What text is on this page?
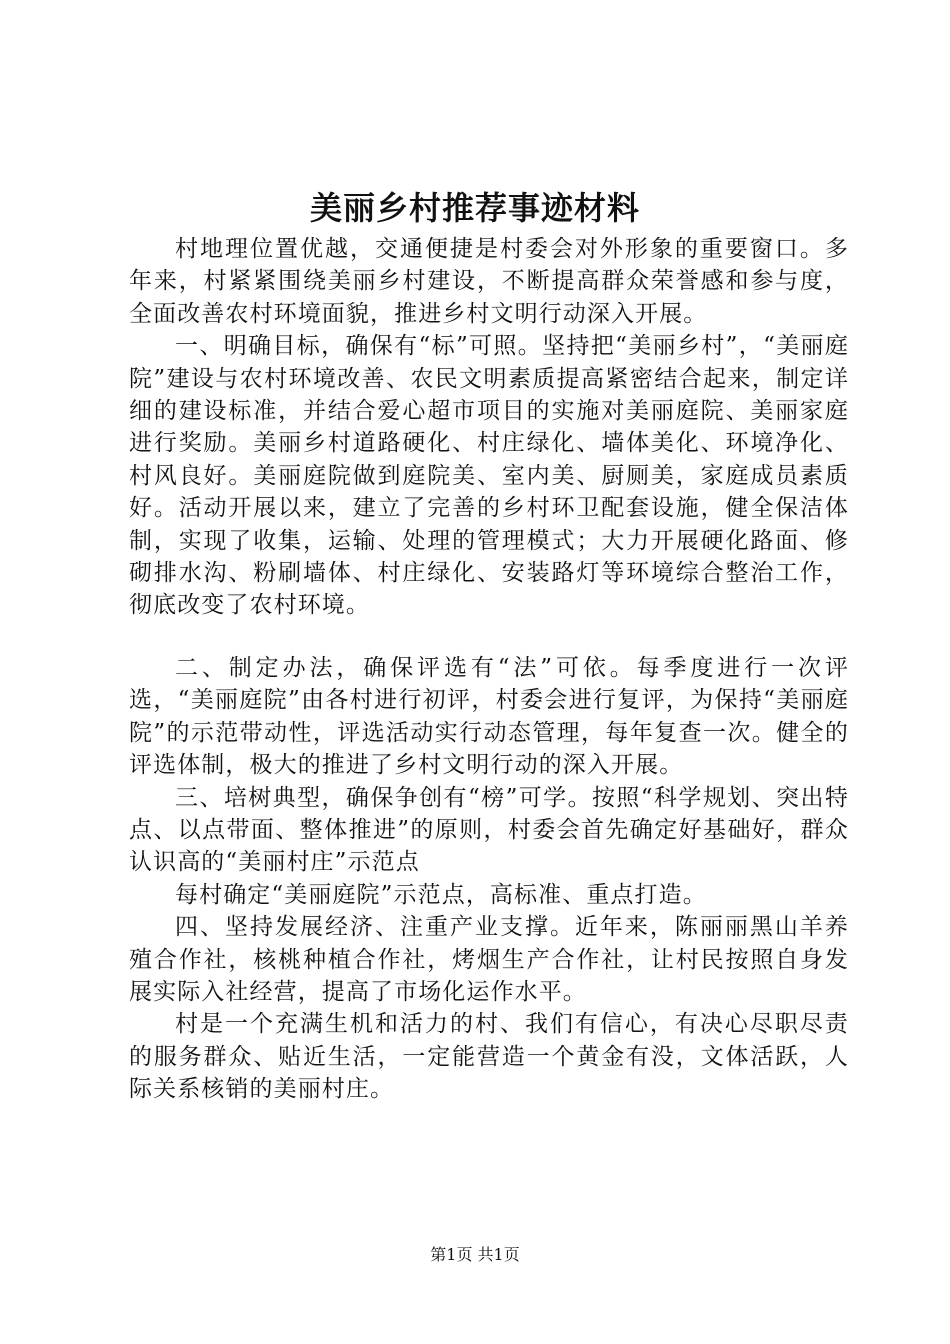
美丽乡村推荐事迹材料

村地理位置优越，交通便捷是村委会对外形象的重要窗口。多年来，村紧紧围绕美丽乡村建设，不断提高群众荣誉感和参与度，全面改善农村环境面貌，推进乡村文明行动深入开展。

一、明确目标，确保有“标”可照。坚持把“美丽乡村”，“美丽庭院”建设与农村环境改善、农民文明素质提高紧密结合起来，制定详细的建设标准，并结合爱心超市项目的实施对美丽庭院、美丽家庭进行奖励。美丽乡村道路硬化、村庄绿化、墙体美化、环境净化、村风良好。美丽庭院做到庭院美、室内美、厨厕美，家庭成员素质好。活动开展以来，建立了完善的乡村环卫配套设施，健全保洁体制，实现了收集，运输、处理的管理模式；大力开展硬化路面、修砌排水沟、粉刷墙体、村庄绿化、安装路灯等环境综合整治工作，彻底改变了农村环境。

二、制定办法，确保评选有“法”可依。每季度进行一次评选，“美丽庭院”由各村进行初评，村委会进行复评，为保持“美丽庭院”的示范带动性，评选活动实行动态管理，每年复查一次。健全的评选体制，极大的推进了乡村文明行动的深入开展。

三、培树典型，确保争创有“榜”可学。按照“科学规划、突出特点、以点带面、整体推进”的原则，村委会首先确定好基础好，群众认识高的“美丽村庄”示范点

每村确定“美丽庭院”示范点，高标准、重点打造。

四、坚持发展经济、注重产业支撑。近年来，陈丽丽黑山羊养殖合作社，核桃种植合作社，烤烟生产合作社，让村民按照自身发展实际入社经营，提高了市场化运作水平。

村是一个充满生机和活力的村、我们有信心，有决心尽职尽责的服务群众、贴近生活，一定能营造一个黄金有没，文体活跃，人际关系核销的美丽村庄。

第1页 共1页
